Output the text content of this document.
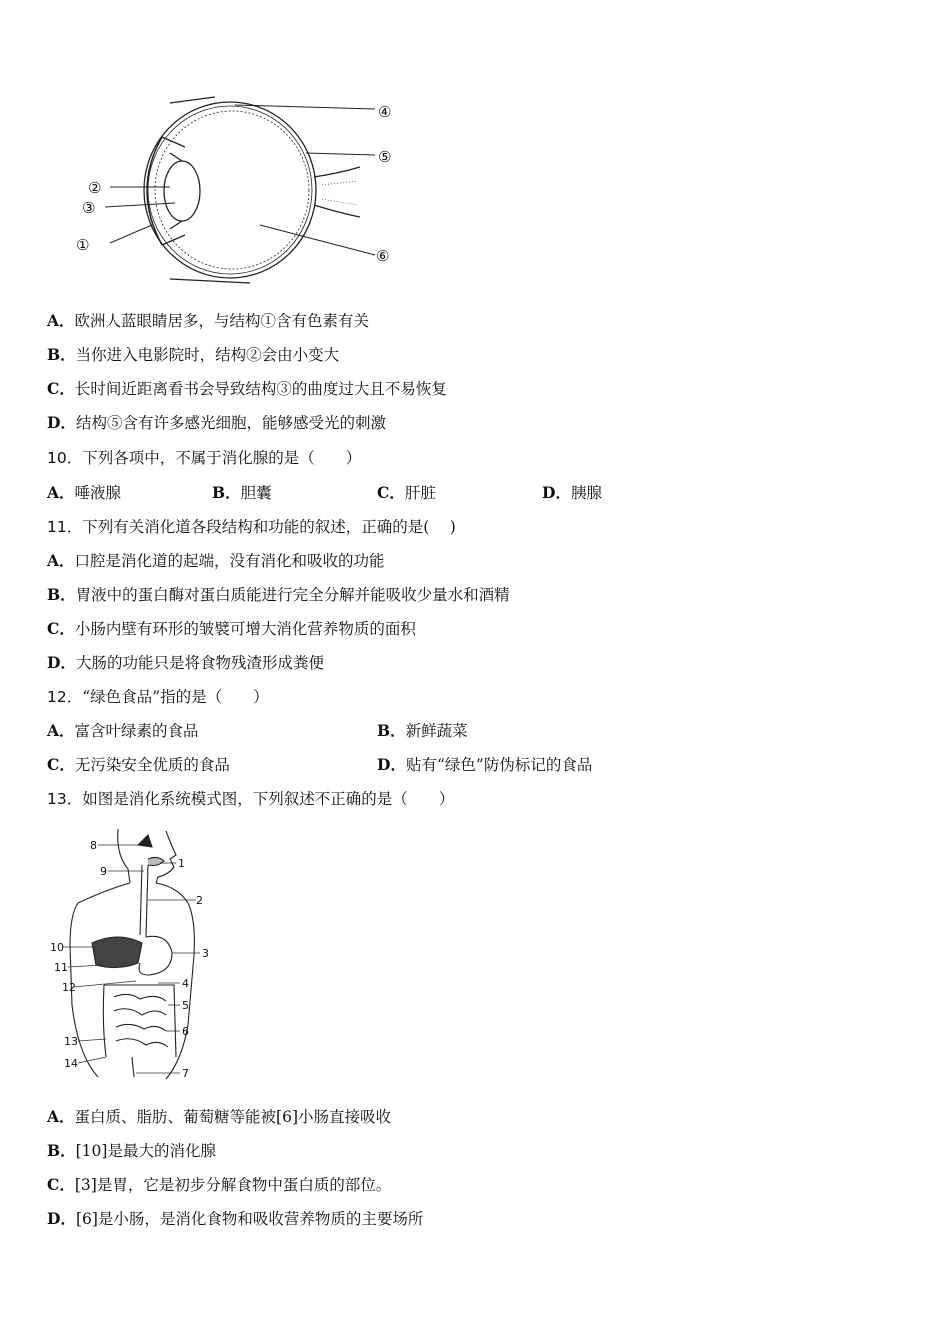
①
②
③
④
⑤
⑥
A．欧洲人蓝眼睛居多，与结构①含有色素有关
B．当你进入电影院时，结构②会由小变大
C．长时间近距离看书会导致结构③的曲度过大且不易恢复
D．结构⑤含有许多感光细胞，能够感受光的刺激
10．下列各项中，不属于消化腺的是（　　）
A．唾液腺	B．胆囊	C．肝脏	D．胰腺
11．下列有关消化道各段结构和功能的叙述，正确的是(　 )
A．口腔是消化道的起端，没有消化和吸收的功能
B．胃液中的蛋白酶对蛋白质能进行完全分解并能吸收少量水和酒精
C．小肠内壁有环形的皱襞可增大消化营养物质的面积
D．大肠的功能只是将食物残渣形成粪便
12．“绿色食品”指的是（　　）
A．富含叶绿素的食品	B．新鲜蔬菜
C．无污染安全优质的食品	D．贴有“绿色”防伪标记的食品
13．如图是消化系统模式图，下列叙述不正确的是（　　）
1
2
3
4
5
6
7
8
9
10
11
12
13
14
A．蛋白质、脂肪、葡萄糖等能被[6]小肠直接吸收
B．[10]是最大的消化腺
C．[3]是胃，它是初步分解食物中蛋白质的部位。
D．[6]是小肠，是消化食物和吸收营养物质的主要场所
